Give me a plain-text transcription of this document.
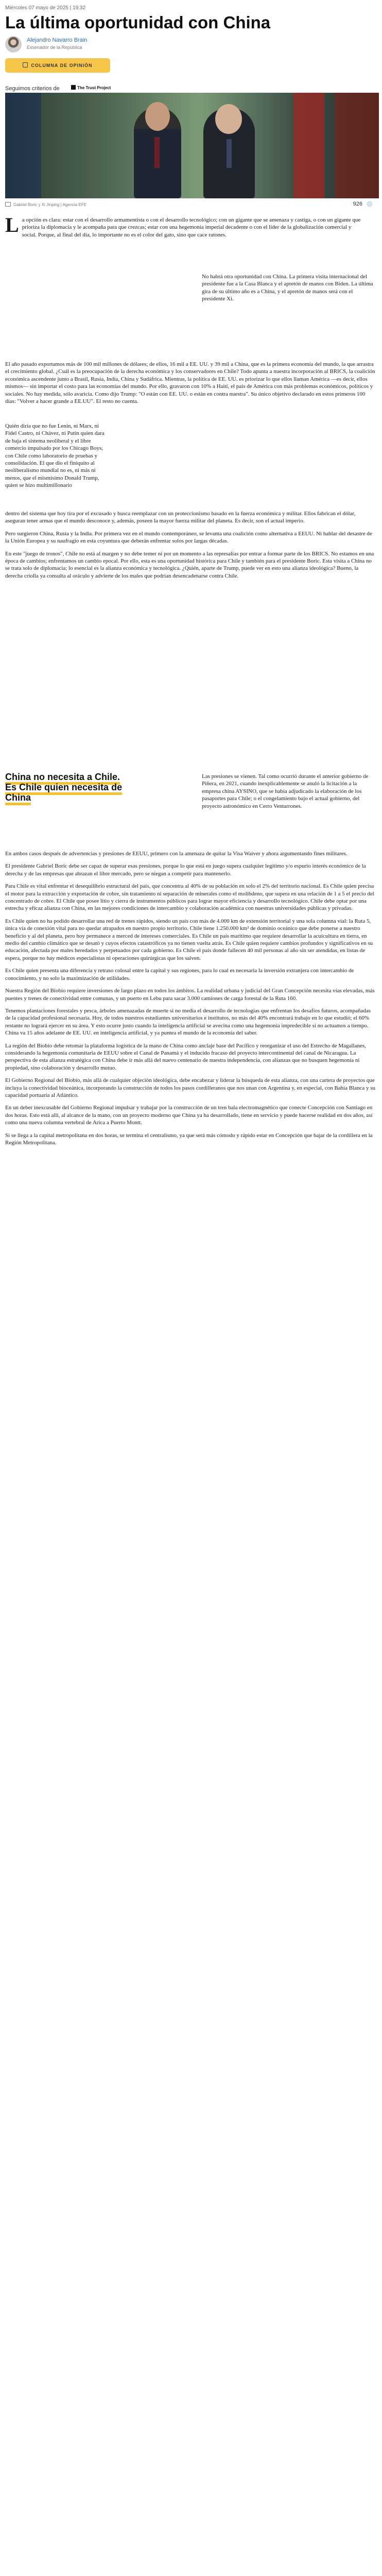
Miércoles 07 mayo de 2025 | 19:32
La última oportunidad con China
Alejandro Navarro Brain
Exsenador de la República
COLUMNA DE OPINIÓN
Seguimos criterios de	The Trust Project
Gabriel Boric y Xi Jinping | Agencia EFE	926
La opción es clara: estar con el desarrollo armamentista o con el desarrollo tecnológico; con un gigante que se amenaza y castiga, o con un gigante que prioriza la diplomacia y le acompaña para que crezcas; estar con una hegemonía imperial decadente o con el líder de la globalización comercial y social. Porque, al final del día, lo importante no es el color del gato, sino que cace ratones.

No habrá otra oportunidad con China. La primera visita internacional del presidente fue a la Casa Blanca y el apretón de manos con Biden. La última gira de su último año es a China, y el apretón de manos será con el presidente Xi.

El año pasado exportamos más de 100 mil millones de dólares; de ellos, 16 mil a EE. UU. y 39 mil a China, que es la primera economía del mundo, la que arrastra el crecimiento global. ¿Cuál es la preocupación de la derecha económica y los conservadores en Chile? Todo apunta a nuestra incorporación al BRICS, la coalición económica ascendente junto a Brasil, Rusia, India, China y Sudáfrica. Mientras, la política de EE. UU. es priorizar lo que ellos llaman América —es decir, ellos mismos— sin importar el costo para las economías del mundo. Por ello, gravaron con 10% a Haití, el país de América con más problemas económicos, políticos y sociales. No hay medida, sólo avaricia. Como dijo Trump: "O están con EE. UU. o están en contra nuestra". Su único objetivo declarado en estos primeros 100 días: "Volver a hacer grande a EE.UU". El resto no cuenta.

Quién diría que no fue Lenin, ni Marx, ni Fidel Castro, ni Chávez, ni Putin quien dara de baja el sistema neoliberal y el libre comercio impulsado por los Chicago Boys, con Chile como laboratorio de pruebas y consolidación. El que dio el finiquito al neoliberalismo mundial no es, ni más ni menos, que el mismísimo Donald Trump, quien se hizo multimillonario

dentro del sistema que hoy tira por el excusado y busca reemplazar con un proteccionismo basado en la fuerza económica y militar. Ellos fabrican el dólar, aseguran tener armas que el mundo desconoce y, además, poseen la mayor fuerza militar del planeta. Es decir, son el actual imperio.

Pero surgieron China, Rusia y la India. Por primera vez en el mundo contemporáneo, se levanta una coalición como alternativa a EEUU. Ni hablar del desastre de la Unión Europea y su naufragio en esta coyuntura que deberán enfrentar solos por largas décadas.

En este "juego de tronos", Chile no está al margen y no debe temer ni por un momento a las represalias por entrar a formar parte de los BRICS. No estamos en una época de cambios; enfrentamos un cambio epocal. Por ello, esta es una oportunidad histórica para Chile y también para el presidente Boric. Esta visita a China no se trata solo de diplomacia; lo esencial es la alianza económica y tecnológica. ¿Quién, aparte de Trump, puede ver en esto una alianza ideológica? Bueno, la derecha criolla ya consulta al oráculo y advierte de los males que podrían desencadenarse contra Chile.

China no necesita a Chile. Es Chile quien necesita de China

Las presiones se vienen. Tal como ocurrió durante el anterior gobierno de Piñera, en 2021, cuando inexplicablemente se anuló la licitación a la empresa china AYSINO, que se había adjudicado la elaboración de los pasaportes para Chile; o el congelamiento bajo el actual gobierno, del proyecto astronómico en Cerro Ventarrones.

En ambos casos después de advertencias y presiones de EEUU, primero con la amenaza de quitar la Visa Waiver y ahora argumentando fines militares.

El presidente Gabriel Boric debe ser capaz de superar esas presiones, porque lo que está en juego supera cualquier legítimo y/o espurio interés económico de la derecha y de las empresas que abrazan el libre mercado, pero se niegan a competir para mantenerlo.

Para Chile es vital enfrentar el desequilibrio estructural del país, que concentra al 40% de su población en solo el 2% del territorio nacional. Es Chile quien precisa el motor para la extracción y exportación de cobre, sin tratamiento ni separación de minerales como el molibdeno, que supera en una relación de 1 a 5 el precio del concentrado de cobre. El Chile que posee litio y cierra de instrumentos públicos para lograr mayor eficiencia y desarrollo tecnológico. Chile debe optar por una estrecha y eficaz alianza con China, en las mejores condiciones de intercambio y colaboración académica con nuestras universidades públicas y privadas.

Es Chile quien no ha podido desarrollar una red de trenes rápidos, siendo un país con más de 4.000 km de extensión territorial y una sola columna vial: la Ruta 5, única vía de conexión vital para no quedar atrapados en nuestro propio territorio. Chile tiene 1.250.000 km² de dominio oceánico que debe ponerse a nuestro beneficio y al del planeta, pero hoy permanece a merced de intereses comerciales. Es Chile un país maritimo que requiere desarrollar la acuicultura en tierra, en medio del cambio climático que se desató y cuyos efectos catastróficos ya no tienen vuelta atrás. Es Chile quien requiere cambios profundos y significativos en su educación, afectada por males heredados y perpetuados por cada gobierno. Es Chile el país donde fallecen 40 mil personas al año sin ser atendidas, en listas de espera, porque no hay médicos especialistas ni operaciones quirúrgicas que los salven.

Es Chile quien presenta una diferencia y retraso colosal entre la capital y sus regiones, para lo cual es necesaria la inversión extranjera con intercambio de conocimiento, y no solo la maximización de utilidades.

Nuestra Región del Biobío requiere inversiones de largo plazo en todos los ámbitos. La realidad urbana y judicial del Gran Concepción necesita vías elevadas, más puentes y trenes de conectividad entre comunas, y un puerto en Lebu para sacar 3.000 camiones de carga forestal de la Ruta 160.

Tenemos plantaciones forestales y pesca, árboles amenazadas de muerte si no media el desarrollo de tecnologías que enfrentan los desafíos futuros, acompañadas de la capacidad profesional necesaria. Hoy, de todos nuestros estudiantes universitarios e institutos, no más del 40% encontrará trabajo en lo que estudió; el 60% restante no logrará ejercer en su área. Y esto ocurre justo cuando la inteligencia artificial se avecina como una hegemonía impredecible si no actuamos a tiempo. China va 15 años adelante de EE. UU. en inteligencia artificial, y ya puntea el mundo de la economía del saber.

La región del Biobío debe retomar la plataforma logística de la mano de China como anclaje base del Pacífico y reorganizar el uso del Estrecho de Magallanes, considerando la hegemonía comunitaria de EEUU sobre el Canal de Panamá y el inducido fracaso del proyecto intercontinental del canal de Nicaragua. La perspectiva de esta alianza estratégica con China debe ir más allá del nuevo centenario de nuestra independencia, con alianzas que no busquen hegemonía ni propiedad, sino colaboración y desarrollo mutuo.

El Gobierno Regional del Biobío, más allá de cualquier objeción ideológica, debe encabezar y liderar la búsqueda de esta alianza, con una cartera de proyectos que incluya la conectividad bioceánica, incorporando la construcción de todos los pasos cordilleranos que nos unan con Argentina y, en especial, con Bahía Blanca y su capacidad portuaria al Atlántico.

En un deber inexcusable del Gobierno Regional impulsar y trabajar por la construcción de un tren bala electromagnético que conecte Concepción con Santiago en dos horas. Esto está allí, al alcance de la mano, con un proyecto moderno que China ya ha desarrollado, tiene en servicio y puede hacerse realidad en dos años, así como una nueva columna vertebral de Arica a Puerto Montt.

Si se llega a la capital metropolitana en dos horas, se termina el centralismo, ya que será más cómodo y rápido estar en Concepción que bajar de la cordillera en la Región Metropolitana.
